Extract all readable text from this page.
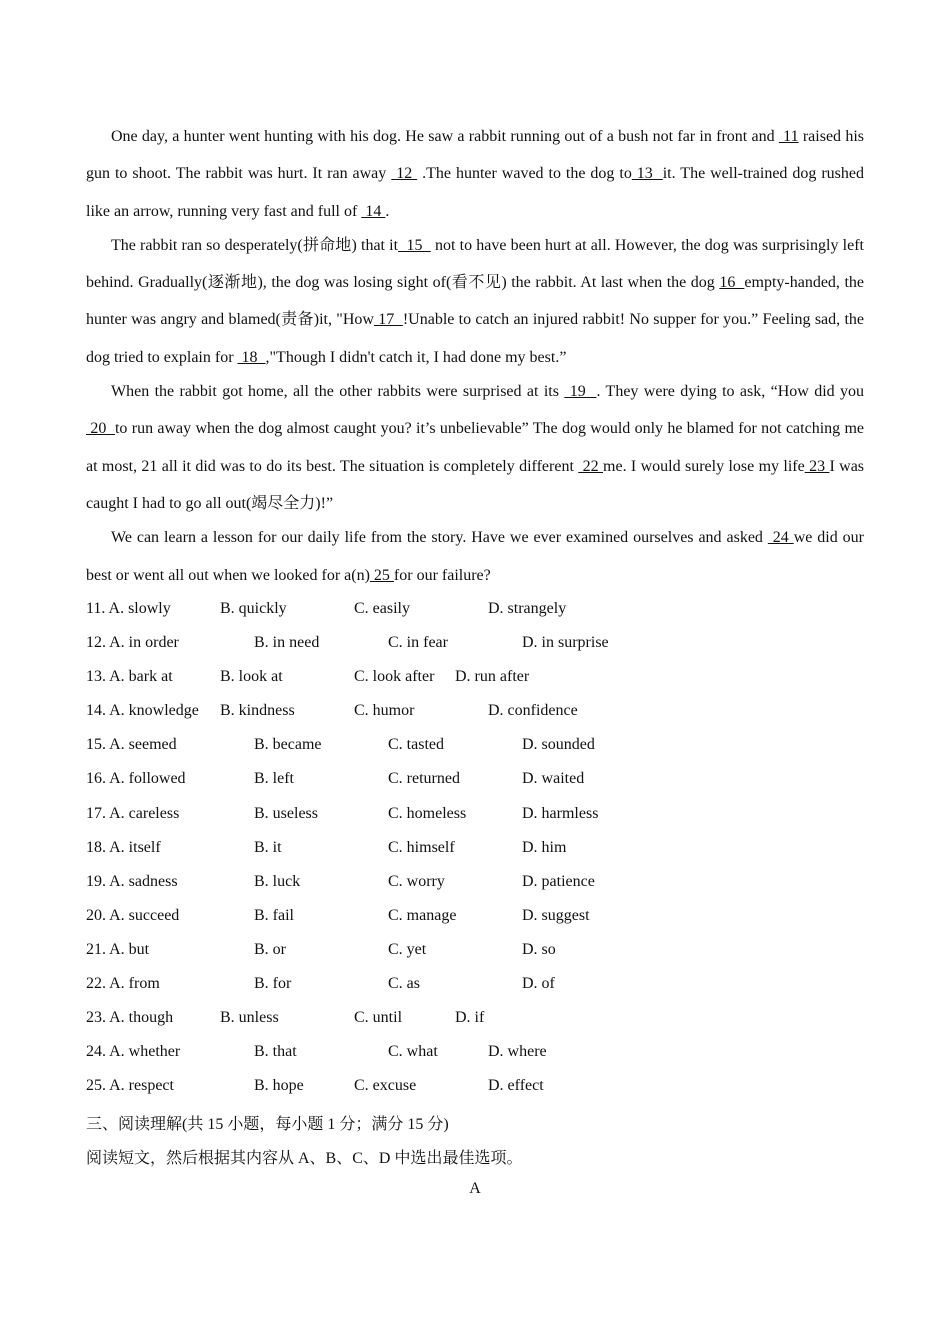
One day, a hunter went hunting with his dog. He saw a rabbit running out of a bush not far in front and  11 raised his gun to shoot. The rabbit was hurt. It ran away  12  .The hunter waved to the dog to 13  it. The well-trained dog rushed like an arrow, running very fast and full of  14 .

The rabbit ran so desperately(拼命地) that it  15   not to have been hurt at all. However, the dog was surprisingly left behind. Gradually(逐渐地), the dog was losing sight of(看不见) the rabbit. At last when the dog 16  empty-handed, the hunter was angry and blamed(责备)it, "How 17  !Unable to catch an injured rabbit! No supper for you.” Feeling sad, the dog tried to explain for  18  ,"Though I didn't catch it, I had done my best.”

When the rabbit got home, all the other rabbits were surprised at its  19  . They were dying to ask, “How did you  20  to run away when the dog almost caught you? it’s unbelievable” The dog would only he blamed for not catching me at most, 21 all it did was to do its best. The situation is completely different  22 me. I would surely lose my life 23 I was caught I had to go all out(竭尽全力)!”

We can learn a lesson for our daily life from the story. Have we ever examined ourselves and asked  24 we did our best or went all out when we looked for a(n) 25 for our failure?

11. A. slowly	B. quickly	C. easily	D. strangely
12. A. in order	B. in need	C. in fear	D. in surprise
13. A. bark at	B. look at	C. look after D. run after
14. A. knowledge B. kindness	C. humor	D. confidence
15. A. seemed	B. became	C. tasted	D. sounded
16. A. followed	B. left	C. returned	D. waited
17. A. careless	B. useless	C. homeless	D. harmless
18. A. itself	B. it	C. himself	D. him
19. A. sadness	B. luck	C. worry	D. patience
20. A. succeed	B. fail	C. manage	D. suggest
21. A. but	B. or	C. yet	D. so
22. A. from	B. for	C. as	D. of
23. A. though	B. unless	C. until	D. if
24. A. whether	B. that	C. what	D. where
25. A. respect	B. hope	C. excuse	D. effect
三、阅读理解(共 15 小题，每小题 1 分；满分 15 分)
阅读短文，然后根据其内容从 A、B、C、D 中选出最佳选项。
A
